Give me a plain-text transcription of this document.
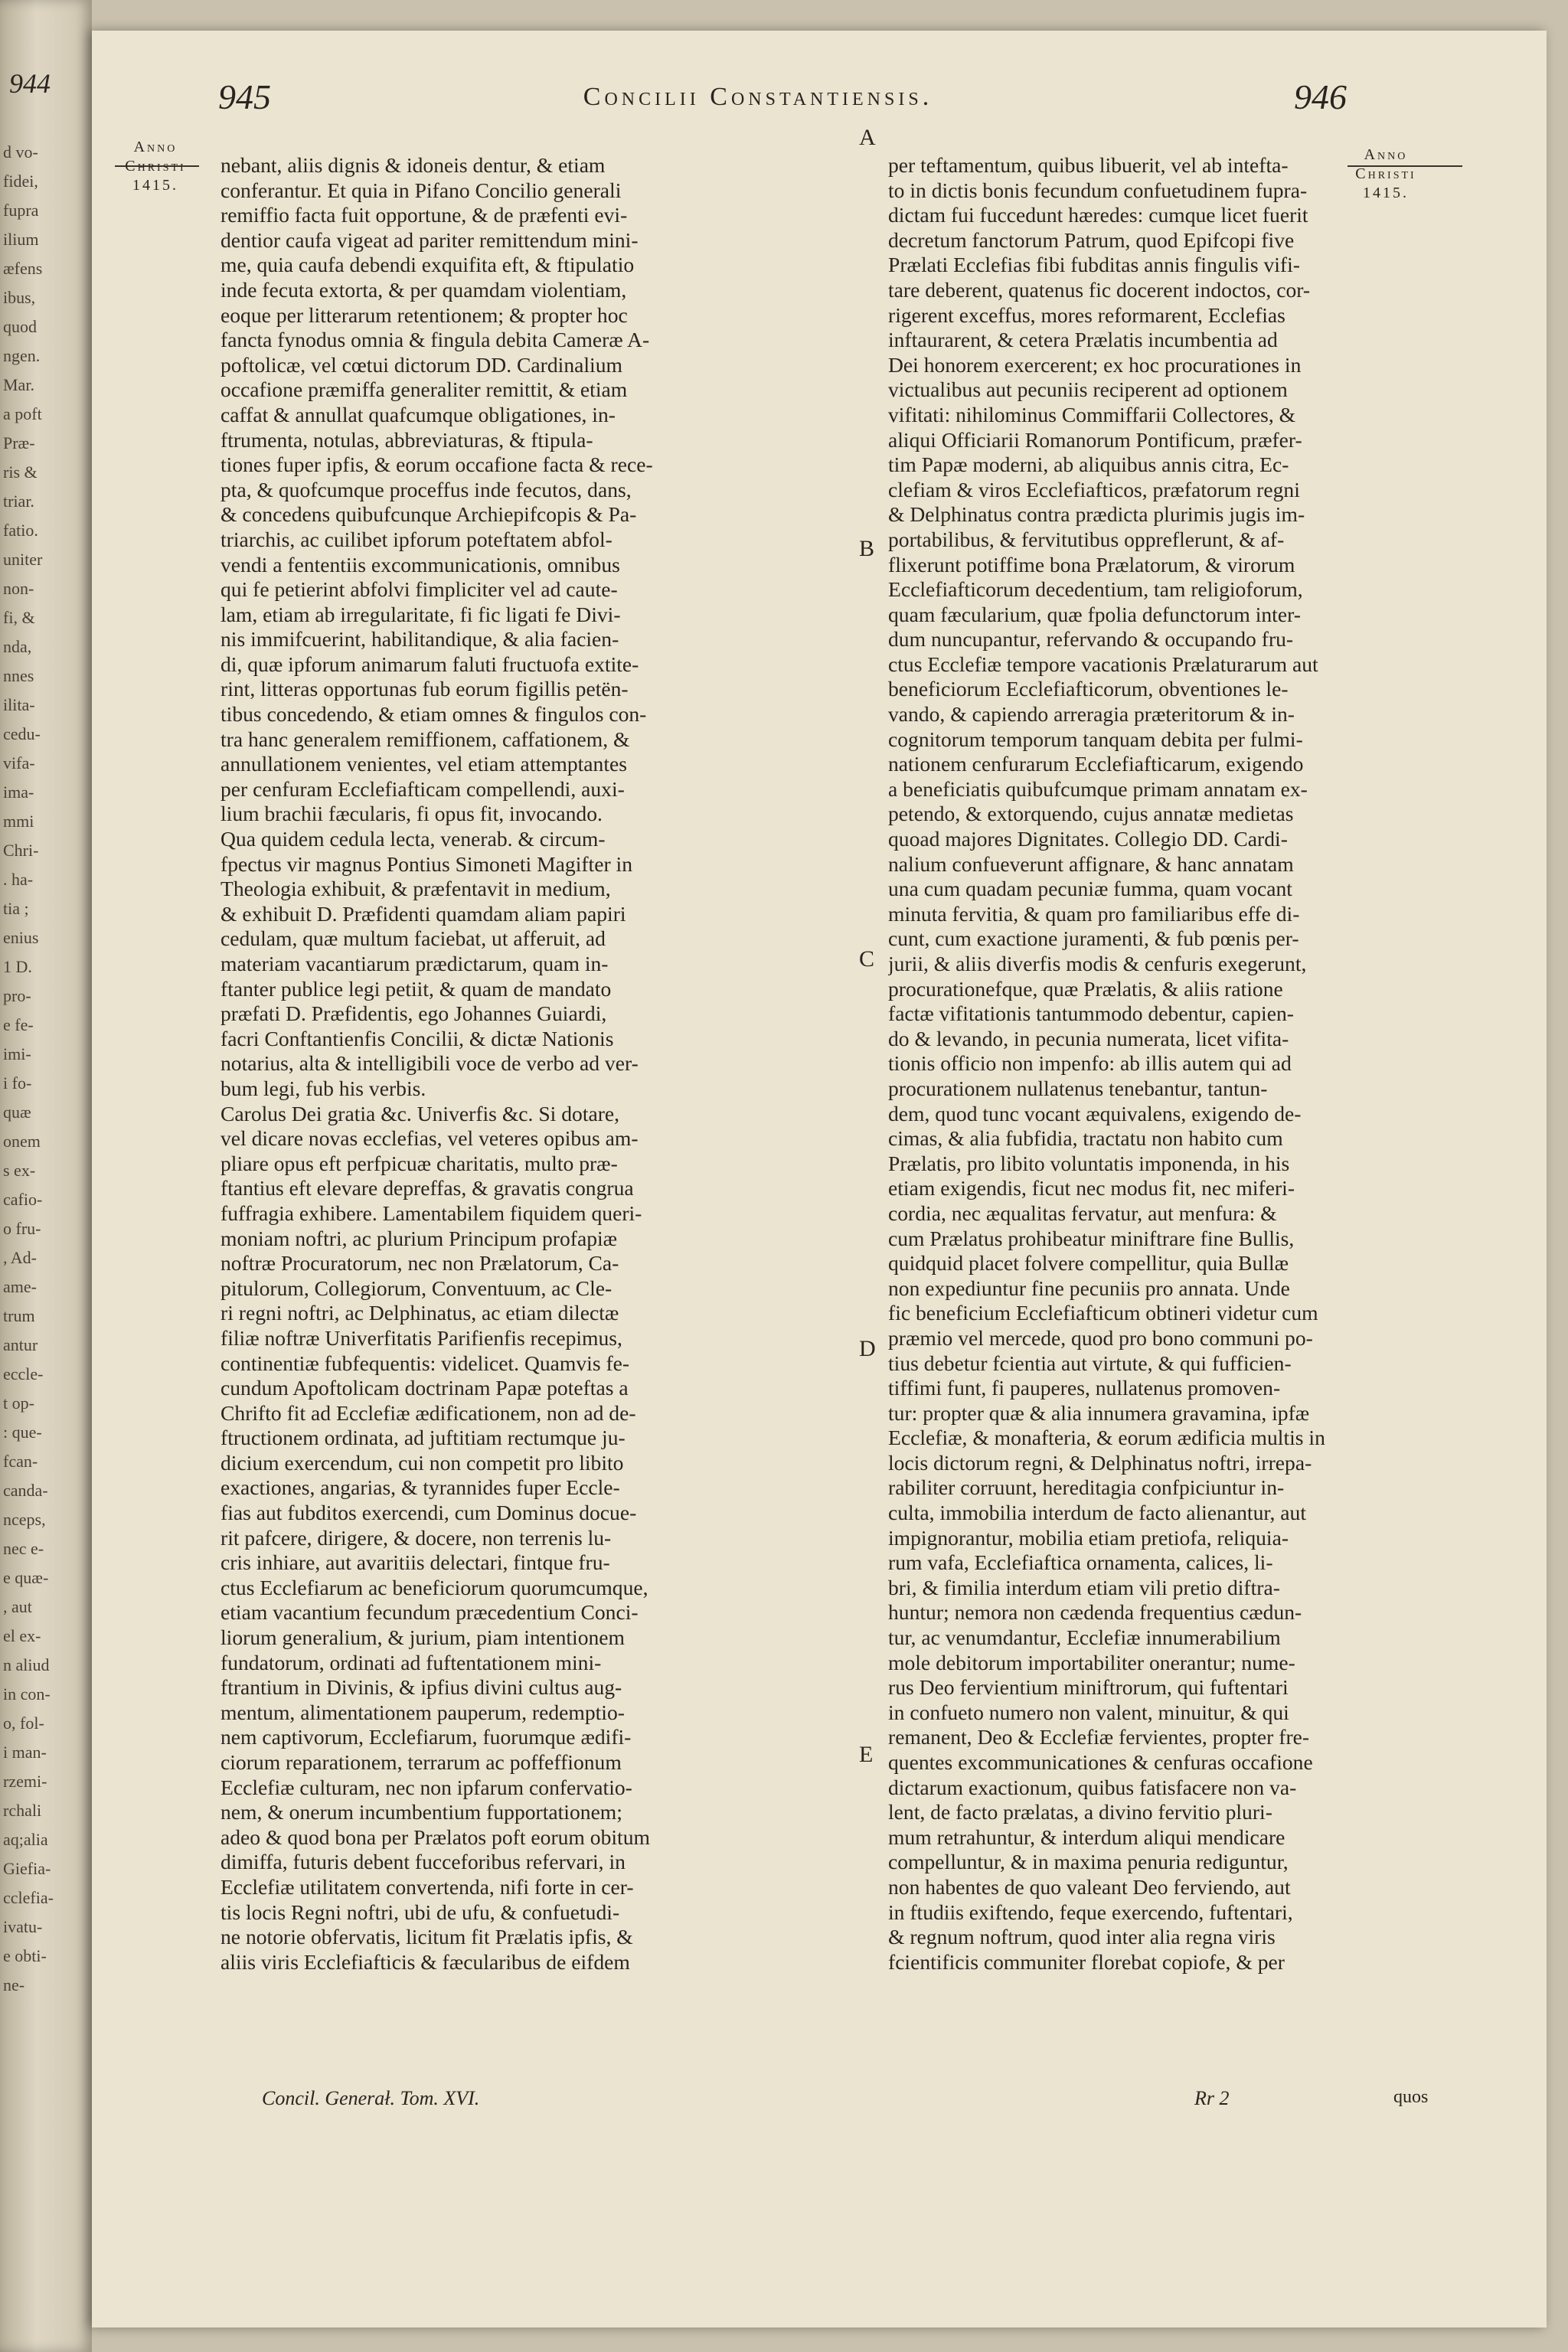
d vo-
fidei,
fupra
ilium
æfens
ibus,
quod
ngen.
Mar.
a poft
Præ-
ris &
triar.
fatio.
uniter
non-
fi, &
nda,
nnes
ilita-
cedu-
vifa-
ima-
mmi
Chri-
. ha-
tia ;
enius
1 D.
pro-
e fe-
imi-
i fo-
quæ
onem
s ex-
cafio-
o fru-
, Ad-
ame-
trum
antur
eccle-
t op-
: que-
fcan-
canda-
nceps,
nec e-
e quæ-
, aut
el ex-
n aliud
in con-
o, fol-
i man-
rzemi-
rchali
aq;alia
Giefia-
cclefia-
ivatu-
e obti-
ne-
944	945	Concilii Constantiensis.	946
Anno
Christi
1415.
Anno
Christi
1415.
nebant, aliis dignis & idoneis dentur, & etiam
conferantur. Et quia in Pifano Concilio generali
remiffio facta fuit opportune, & de præfenti evi-
dentior caufa vigeat ad pariter remittendum mini-
me, quia caufa debendi exquifita eft, & ftipulatio
inde fecuta extorta, & per quamdam violentiam,
eoque per litterarum retentionem; & propter hoc
fancta fynodus omnia & fingula debita Cameræ A-
poftolicæ, vel cœtui dictorum DD. Cardinalium
occafione præmiffa generaliter remittit, & etiam
caffat & annullat quafcumque obligationes, in-
ftrumenta, notulas, abbreviaturas, & ftipula-
tiones fuper ipfis, & eorum occafione facta & rece-
pta, & quofcumque proceffus inde fecutos, dans,
& concedens quibufcunque Archiepifcopis & Pa-
triarchis, ac cuilibet ipforum poteftatem abfol-
vendi a fententiis excommunicationis, omnibus
qui fe petierint abfolvi fimpliciter vel ad caute-
lam, etiam ab irregularitate, fi fic ligati fe Divi-
nis immifcuerint, habilitandique, & alia facien-
di, quæ ipforum animarum faluti fructuofa extite-
rint, litteras opportunas fub eorum figillis petën-
tibus concedendo, & etiam omnes & fingulos con-
tra hanc generalem remiffionem, caffationem, &
annullationem venientes, vel etiam attemptantes
per cenfuram Ecclefiafticam compellendi, auxi-
lium brachii fæcularis, fi opus fit, invocando.
Qua quidem cedula lecta, venerab. & circum-
fpectus vir magnus Pontius Simoneti Magifter in
Theologia exhibuit, & præfentavit in medium,
& exhibuit D. Præfidenti quamdam aliam papiri
cedulam, quæ multum faciebat, ut afferuit, ad
materiam vacantiarum prædictarum, quam in-
ftanter publice legi petiit, & quam de mandato
præfati D. Præfidentis, ego Johannes Guiardi,
facri Conftantienfis Concilii, & dictæ Nationis
notarius, alta & intelligibili voce de verbo ad ver-
bum legi, fub his verbis.
Carolus Dei gratia &c. Univerfis &c. Si dotare,
vel dicare novas ecclefias, vel veteres opibus am-
pliare opus eft perfpicuæ charitatis, multo præ-
ftantius eft elevare depreffas, & gravatis congrua
fuffragia exhibere. Lamentabilem fiquidem queri-
moniam noftri, ac plurium Principum profapiæ
noftræ Procuratorum, nec non Prælatorum, Ca-
pitulorum, Collegiorum, Conventuum, ac Cle-
ri regni noftri, ac Delphinatus, ac etiam dilectæ
filiæ noftræ Univerfitatis Parifienfis recepimus,
continentiæ fubfequentis: videlicet. Quamvis fe-
cundum Apoftolicam doctrinam Papæ poteftas a
Chrifto fit ad Ecclefiæ ædificationem, non ad de-
ftructionem ordinata, ad juftitiam rectumque ju-
dicium exercendum, cui non competit pro libito
exactiones, angarias, & tyrannides fuper Eccle-
fias aut fubditos exercendi, cum Dominus docue-
rit pafcere, dirigere, & docere, non terrenis lu-
cris inhiare, aut avaritiis delectari, fintque fru-
ctus Ecclefiarum ac beneficiorum quorumcumque,
etiam vacantium fecundum præcedentium Conci-
liorum generalium, & jurium, piam intentionem
fundatorum, ordinati ad fuftentationem mini-
ftrantium in Divinis, & ipfius divini cultus aug-
mentum, alimentationem pauperum, redemptio-
nem captivorum, Ecclefiarum, fuorumque ædifi-
ciorum reparationem, terrarum ac poffeffionum
Ecclefiæ culturam, nec non ipfarum confervatio-
nem, & onerum incumbentium fupportationem;
adeo & quod bona per Prælatos poft eorum obitum
dimiffa, futuris debent fucceforibus refervari, in
Ecclefiæ utilitatem convertenda, nifi forte in cer-
tis locis Regni noftri, ubi de ufu, & confuetudi-
ne notorie obfervatis, licitum fit Prælatis ipfis, &
aliis viris Ecclefiafticis & fæcularibus de eifdem
per teftamentum, quibus libuerit, vel ab intefta-
to in dictis bonis fecundum confuetudinem fupra-
dictam fui fuccedunt hæredes: cumque licet fuerit
decretum fanctorum Patrum, quod Epifcopi five
Prælati Ecclefias fibi fubditas annis fingulis vifi-
tare deberent, quatenus fic docerent indoctos, cor-
rigerent exceffus, mores reformarent, Ecclefias
inftaurarent, & cetera Prælatis incumbentia ad
Dei honorem exercerent; ex hoc procurationes in
victualibus aut pecuniis reciperent ad optionem
vifitati: nihilominus Commiffarii Collectores, &
aliqui Officiarii Romanorum Pontificum, præfer-
tim Papæ moderni, ab aliquibus annis citra, Ec-
clefiam & viros Ecclefiafticos, præfatorum regni
& Delphinatus contra prædicta plurimis jugis im-
portabilibus, & fervitutibus oppreflerunt, & af-
flixerunt potiffime bona Prælatorum, & virorum
Ecclefiafticorum decedentium, tam religioforum,
quam fæcularium, quæ fpolia defunctorum inter-
dum nuncupantur, refervando & occupando fru-
ctus Ecclefiæ tempore vacationis Prælaturarum aut
beneficiorum Ecclefiafticorum, obventiones le-
vando, & capiendo arreragia præteritorum & in-
cognitorum temporum tanquam debita per fulmi-
nationem cenfurarum Ecclefiafticarum, exigendo
a beneficiatis quibufcumque primam annatam ex-
petendo, & extorquendo, cujus annatæ medietas
quoad majores Dignitates. Collegio DD. Cardi-
nalium confueverunt affignare, & hanc annatam
una cum quadam pecuniæ fumma, quam vocant
minuta fervitia, & quam pro familiaribus effe di-
cunt, cum exactione juramenti, & fub pœnis per-
jurii, & aliis diverfis modis & cenfuris exegerunt,
procurationefque, quæ Prælatis, & aliis ratione
factæ vifitationis tantummodo debentur, capien-
do & levando, in pecunia numerata, licet vifita-
tionis officio non impenfo: ab illis autem qui ad
procurationem nullatenus tenebantur, tantun-
dem, quod tunc vocant æquivalens, exigendo de-
cimas, & alia fubfidia, tractatu non habito cum
Prælatis, pro libito voluntatis imponenda, in his
etiam exigendis, ficut nec modus fit, nec miferi-
cordia, nec æqualitas fervatur, aut menfura: &
cum Prælatus prohibeatur miniftrare fine Bullis,
quidquid placet folvere compellitur, quia Bullæ
non expediuntur fine pecuniis pro annata. Unde
fic beneficium Ecclefiafticum obtineri videtur cum
præmio vel mercede, quod pro bono communi po-
tius debetur fcientia aut virtute, & qui fufficien-
tiffimi funt, fi pauperes, nullatenus promoven-
tur: propter quæ & alia innumera gravamina, ipfæ
Ecclefiæ, & monafteria, & eorum ædificia multis in
locis dictorum regni, & Delphinatus noftri, irrepa-
rabiliter corruunt, hereditagia confpiciuntur in-
culta, immobilia interdum de facto alienantur, aut
impignorantur, mobilia etiam pretiofa, reliquia-
rum vafa, Ecclefiaftica ornamenta, calices, li-
bri, & fimilia interdum etiam vili pretio diftra-
huntur; nemora non cædenda frequentius cædun-
tur, ac venumdantur, Ecclefiæ innumerabilium
mole debitorum importabiliter onerantur; nume-
rus Deo fervientium miniftrorum, qui fuftentari
in confueto numero non valent, minuitur, & qui
remanent, Deo & Ecclefiæ fervientes, propter fre-
quentes excommunicationes & cenfuras occafione
dictarum exactionum, quibus fatisfacere non va-
lent, de facto prælatas, a divino fervitio pluri-
mum retrahuntur, & interdum aliqui mendicare
compelluntur, & in maxima penuria rediguntur,
non habentes de quo valeant Deo ferviendo, aut
in ftudiis exiftendo, feque exercendo, fuftentari,
& regnum noftrum, quod inter alia regna viris
fcientificis communiter florebat copiofe, & per
A
B
C
D
E
Concil. Generał. Tom. XVI.	Rr 2	quos
